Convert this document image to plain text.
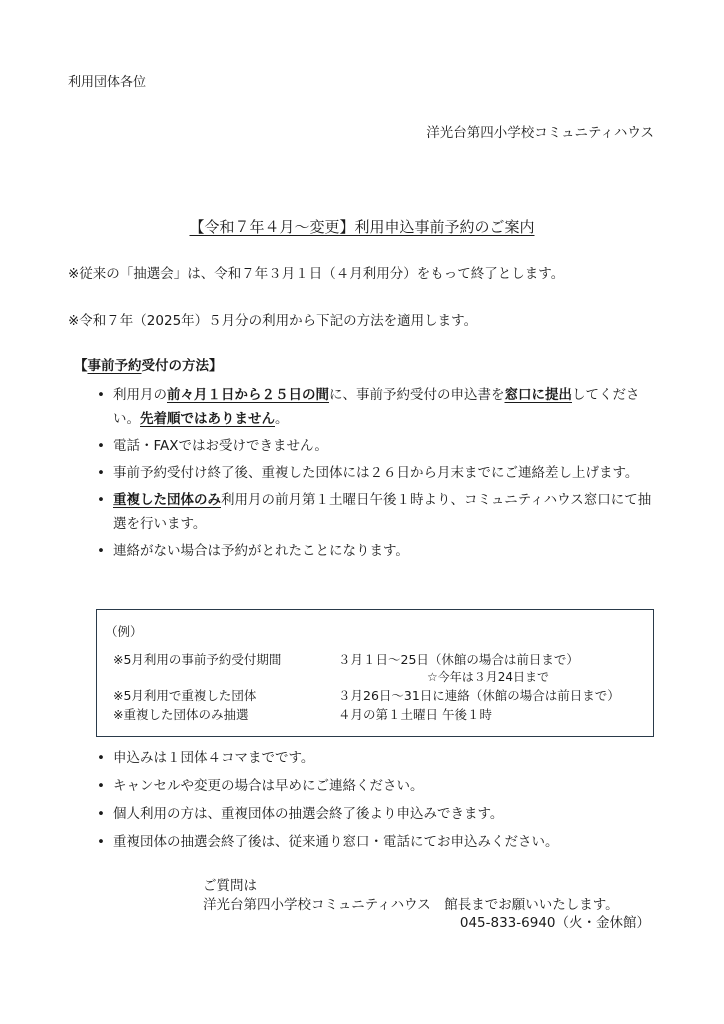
利用団体各位
洋光台第四小学校コミュニティハウス
【令和７年４月～変更】利用申込事前予約のご案内
※従来の「抽選会」は、令和７年３月１日（４月利用分）をもって終了とします。
※令和７年（2025年）５月分の利用から下記の方法を適用します。
【事前予約受付の方法】
• 利用月の前々月１日から２５日の間に、事前予約受付の申込書を窓口に提出してください。先着順ではありません。
• 電話・FAXではお受けできません。
• 事前予約受付け終了後、重複した団体には２６日から月末までにご連絡差し上げます。
• 重複した団体のみ利用月の前月第１土曜日午後１時より、コミュニティハウス窓口にて抽選を行います。
• 連絡がない場合は予約がとれたことになります。
（例）
※5月利用の事前予約受付期間	３月１日～25日（休館の場合は前日まで）
☆今年は３月24日まで
※5月利用で重複した団体	３月26日～31日に連絡（休館の場合は前日まで）
※重複した団体のみ抽選	４月の第１土曜日 午後１時
• 申込みは１団体４コマまでです。
• キャンセルや変更の場合は早めにご連絡ください。
• 個人利用の方は、重複団体の抽選会終了後より申込みできます。
• 重複団体の抽選会終了後は、従来通り窓口・電話にてお申込みください。
ご質問は
洋光台第四小学校コミュニティハウス　館長までお願いいたします。
045-833-6940（火・金休館）
